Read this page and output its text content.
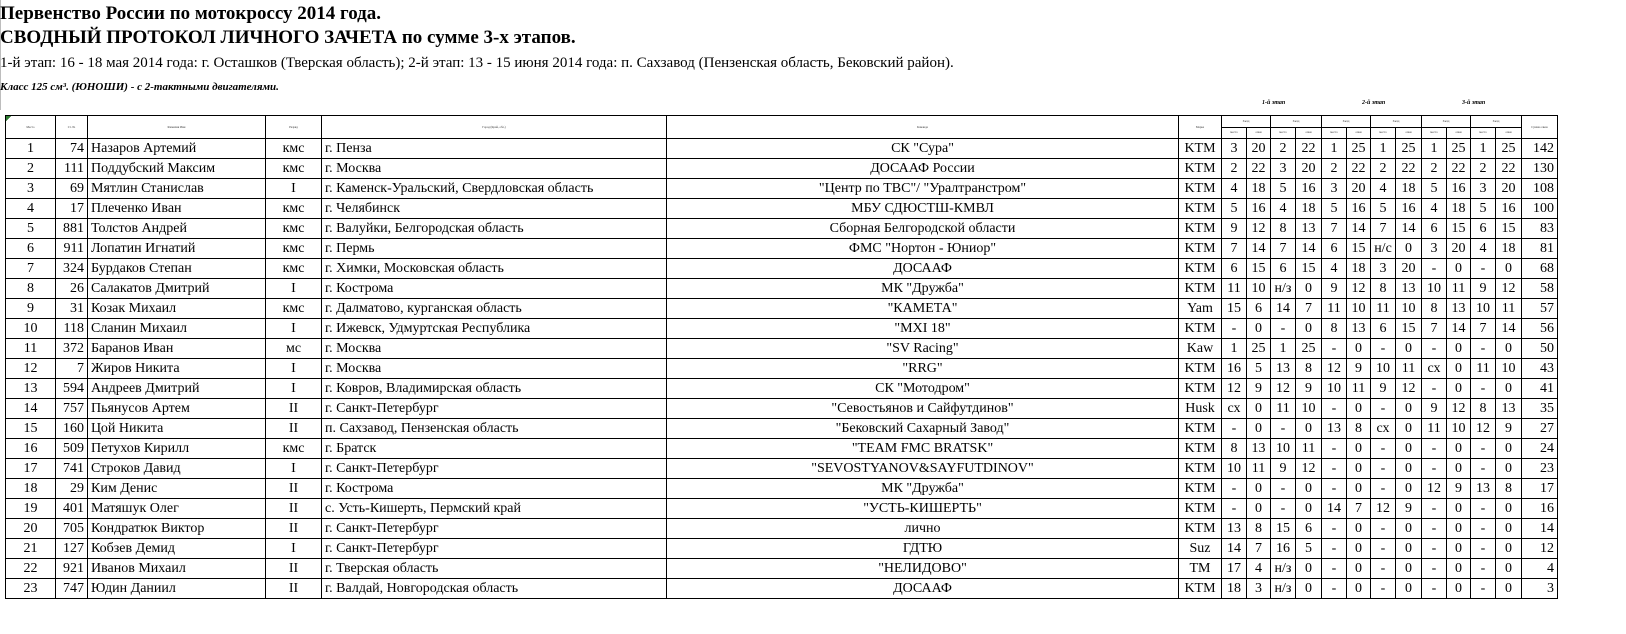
Первенство России по мотокроссу 2014 года.
СВОДНЫЙ ПРОТОКОЛ ЛИЧНОГО ЗАЧЕТА по сумме 3-х этапов.
1-й этап: 16 - 18 мая 2014 года: г. Осташков (Тверская область); 2-й этап: 13 - 15 июня 2014 года: п. Сахзавод (Пензенская область, Бековский район).
Класс 125 см³. (ЮНОШИ) - с 2-тактными двигателями.
1-й этап	2-й этап	3-й этап
Место	Ст. №	Фамилия Имя	Разряд	Город (Край, обл.)	Команда	Марка	Заезд		Заезд		Заезд		Заезд		Заезд		Заезд		Сумма очков
							место	очки	место	очки	место	очки	место	очки	место	очки	место	очки	
1	74	Назаров Артемий	кмс	г. Пенза	СК "Сура"	KTM	3	20	2	22	1	25	1	25	1	25	1	25	142
2	111	Поддубский Максим	кмс	г. Москва	ДОСААФ России	KTM	2	22	3	20	2	22	2	22	2	22	2	22	130
3	69	Мятлин Станислав	I	г. Каменск-Уральский, Свердловская область	"Центр по ТВС"/ "Уралтранстром"	KTM	4	18	5	16	3	20	4	18	5	16	3	20	108
4	17	Плеченко Иван	кмс	г. Челябинск	МБУ СДЮСТШ-КМВЛ	KTM	5	16	4	18	5	16	5	16	4	18	5	16	100
5	881	Толстов Андрей	кмс	г. Валуйки, Белгородская область	Сборная Белгородской области	KTM	9	12	8	13	7	14	7	14	6	15	6	15	83
6	911	Лопатин Игнатий	кмс	г. Пермь	ФМС "Нортон - Юниор"	KTM	7	14	7	14	6	15	н/с	0	3	20	4	18	81
7	324	Бурдаков Степан	кмс	г. Химки, Московская область	ДОСААФ	KTM	6	15	6	15	4	18	3	20	-	0	-	0	68

8	26	Салакатов Дмитрий	I	г. Кострома	МК "Дружба"	KTM	11	10	н/з	0	9	12	8	13	10	11	9	12	58

9	31	Козак Михаил	кмс	г. Далматово, курганская область	"КАМЕТА"	Yam	15	6	14	7	11	10	11	10	8	13	10	11	57

10	118	Сланин Михаил	I	г. Ижевск, Удмуртская Республика	"MXI 18"	KTM	-	0	-	0	8	13	6	15	7	14	7	14	56

11	372	Баранов Иван	мс	г. Москва	"SV Racing"	Kaw	1	25	1	25	-	0	-	0	-	0	-	0	50

12	7	Жиров Никита	I	г. Москва	"RRG"	KTM	16	5	13	8	12	9	10	11	сх	0	11	10	43

13	594	Андреев Дмитрий	I	г. Ковров, Владимирская область	СК "Мотодром"	KTM	12	9	12	9	10	11	9	12	-	0	-	0	41

14	757	Пьянусов Артем	II	г. Санкт-Петербург	"Севостьянов и Сайфутдинов"	Husk	сх	0	11	10	-	0	-	0	9	12	8	13	35

15	160	Цой Никита	II	п. Сахзавод, Пензенская область	"Бековский Сахарный Завод"	KTM	-	0	-	0	13	8	сх	0	11	10	12	9	27

16	509	Петухов Кирилл	кмс	г. Братск	"TEAM FMC BRATSK"	KTM	8	13	10	11	-	0	-	0	-	0	-	0	24

17	741	Строков Давид	I	г. Санкт-Петербург	"SEVOSTYANOV&SAYFUTDINOV"	KTM	10	11	9	12	-	0	-	0	-	0	-	0	23

18	29	Ким Денис	II	г. Кострома	МК "Дружба"	KTM	-	0	-	0	-	0	-	0	12	9	13	8	17

19	401	Матяшук Олег	II	с. Усть-Кишерть, Пермский край	"УСТЬ-КИШЕРТЬ"	KTM	-	0	-	0	14	7	12	9	-	0	-	0	16

20	705	Кондратюк Виктор	II	г. Санкт-Петербург	лично	KTM	13	8	15	6	-	0	-	0	-	0	-	0	14

21	127	Кобзев Демид	I	г. Санкт-Петербург	ГДТЮ	Suz	14	7	16	5	-	0	-	0	-	0	-	0	12

22	921	Иванов Михаил	II	г. Тверская область	"НЕЛИДОВО"	TM	17	4	н/з	0	-	0	-	0	-	0	-	0	4

23	747	Юдин Даниил	II	г. Валдай, Новгородская область	ДОСААФ	KTM	18	3	н/з	0	-	0	-	0	-	0	-	0	3
